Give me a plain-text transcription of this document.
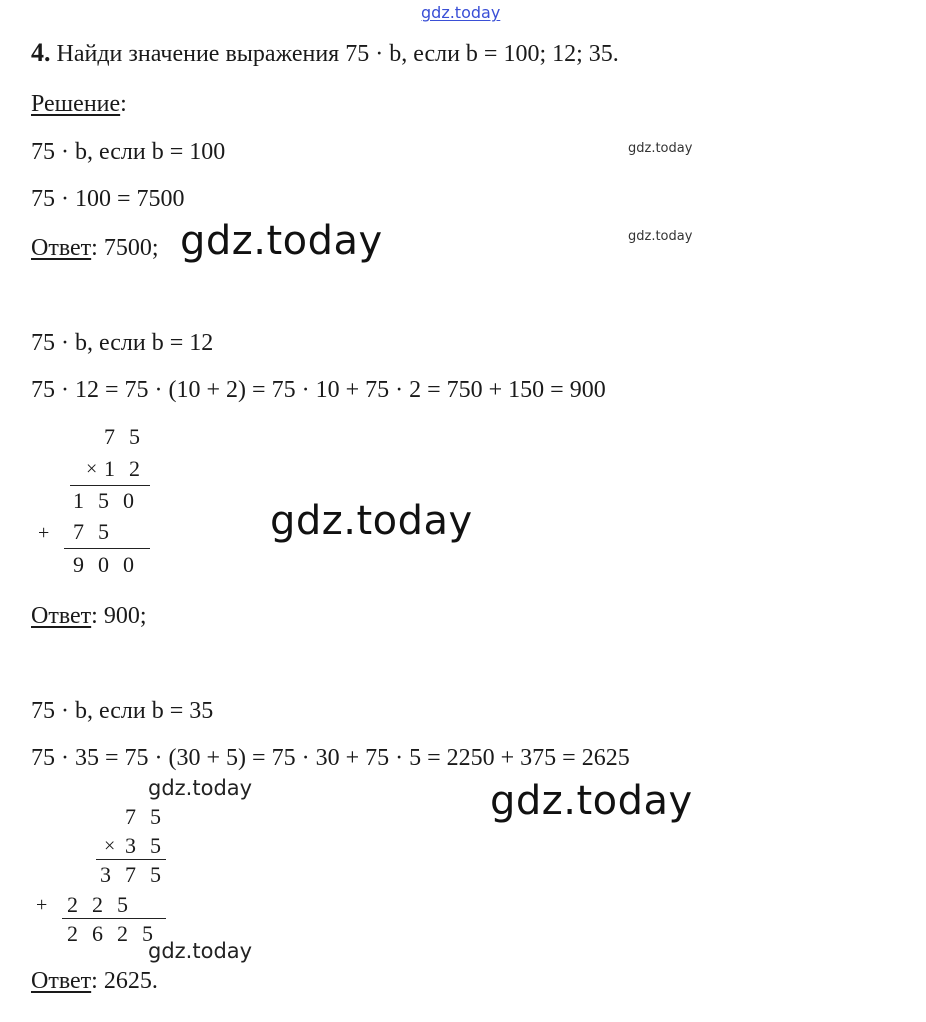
gdz.today
4. Найди значение выражения 75 · b, если b = 100; 12; 35.
Решение:
75 · b, если b = 100	gdz.today
75 · 100 = 7500
Ответ: 7500; gdz.today	gdz.today
75 · b, если b = 12
75 · 12 = 75 · (10 + 2) = 75 · 10 + 75 · 2 = 750 + 150 = 900
7 5
× 1 2
1 5 0
+	7 5
9 0 0
gdz.today
Ответ: 900;
75 · b, если b = 35
75 · 35 = 75 · (30 + 5) = 75 · 30 + 75 · 5 = 2250 + 375 = 2625
gdz.today	gdz.today
7 5
× 3 5
3 7 5
+ 2 2 5
2 6 2 5
gdz.today
Ответ: 2625.
